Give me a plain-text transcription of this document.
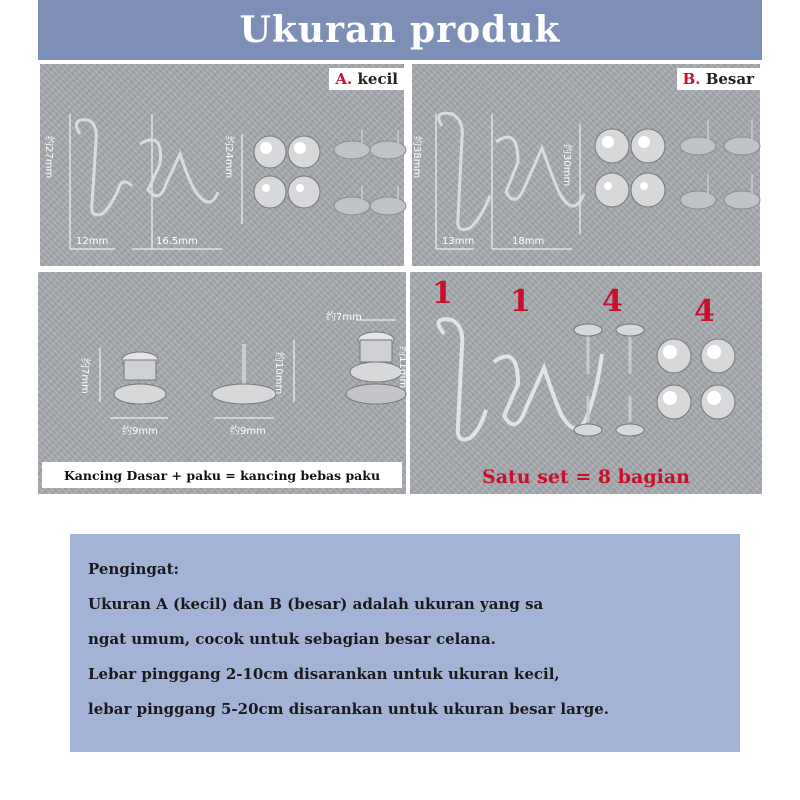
Ukuran produk
A. kecil
约27mm	约24mm
12mm	16.5mm
B. Besar
约38mm	约30mm
13mm	18mm
约7mm
约7mm
约9mm
约10mm
约9mm
约11mm
Kancing Dasar + paku = kancing bebas paku
1 1 4 4
Satu set = 8 bagian
Pengingat:
Ukuran A (kecil) dan B (besar) adalah ukuran yang sa
ngat umum, cocok untuk sebagian besar celana.
Lebar pinggang 2-10cm disarankan untuk ukuran kecil,
lebar pinggang 5-20cm disarankan untuk ukuran besar large.
